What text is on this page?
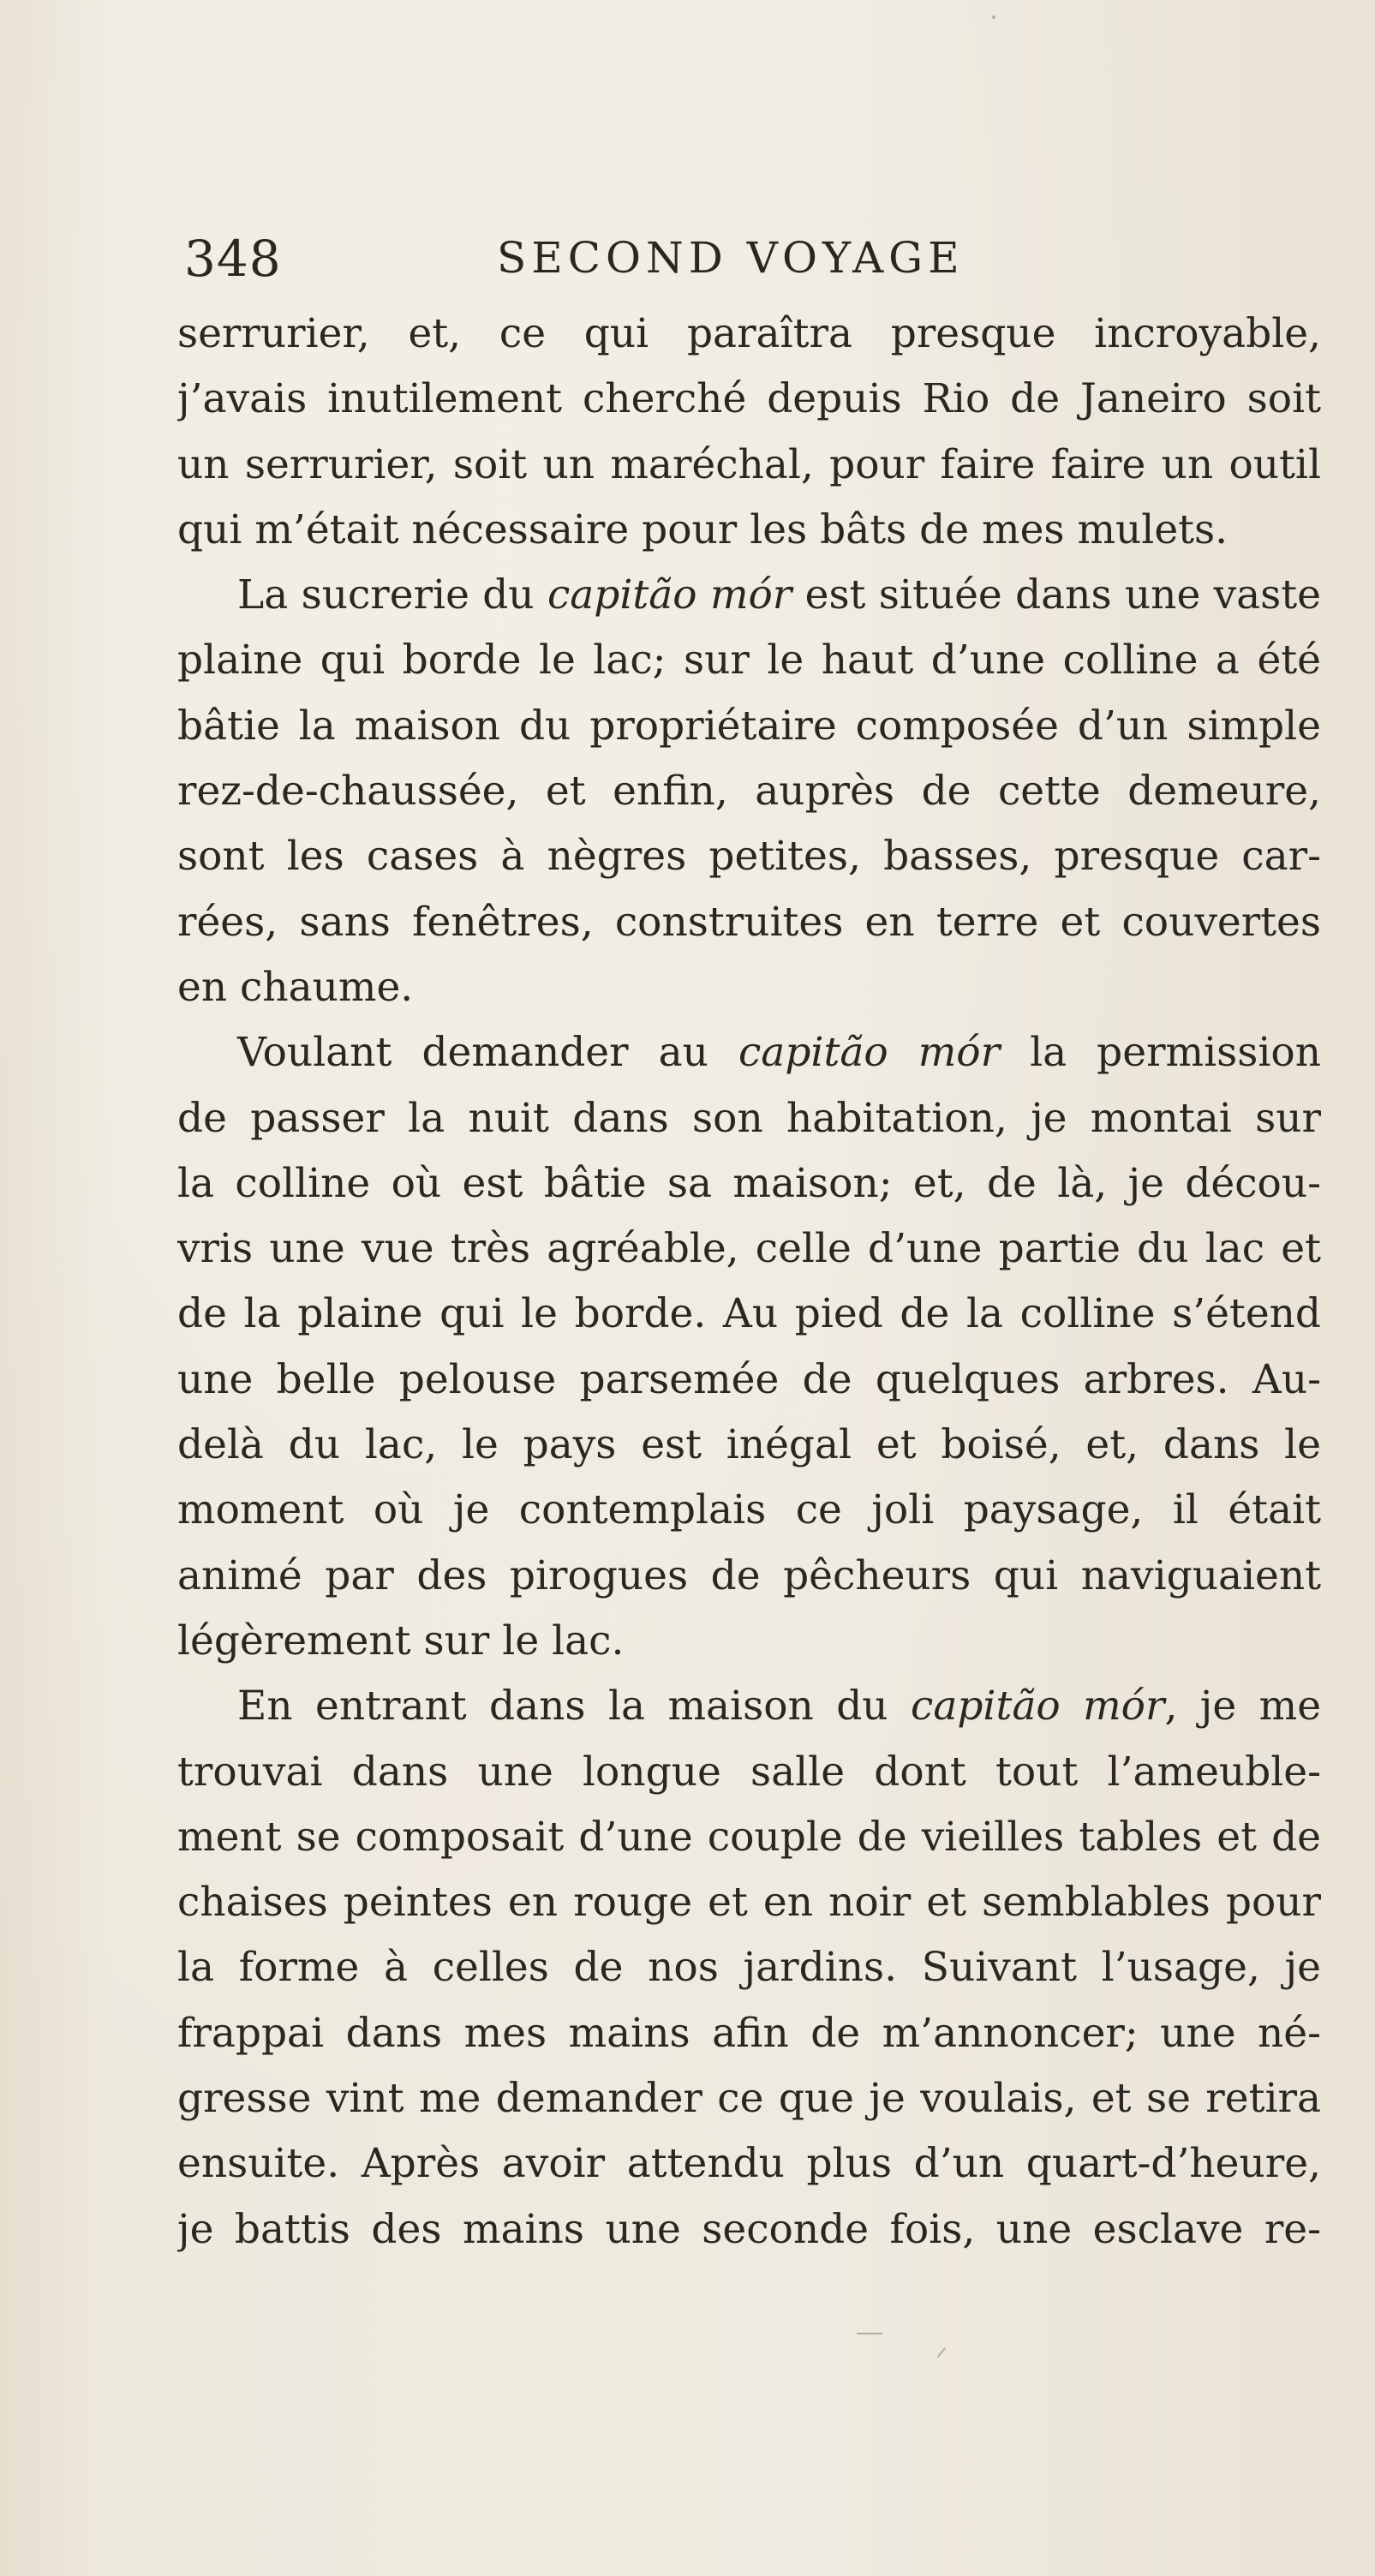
348	SECOND VOYAGE
serrurier, et, ce qui paraîtra presque incroyable,
j’avais inutilement cherché depuis Rio de Janeiro soit
un serrurier, soit un maréchal, pour faire faire un outil
qui m’était nécessaire pour les bâts de mes mulets.
La sucrerie du capitão mór est située dans une vaste
plaine qui borde le lac; sur le haut d’une colline a été
bâtie la maison du propriétaire composée d’un simple
rez-de-chaussée, et enfin, auprès de cette demeure,
sont les cases à nègres petites, basses, presque car-
rées, sans fenêtres, construites en terre et couvertes
en chaume.
Voulant demander au capitão mór la permission
de passer la nuit dans son habitation, je montai sur
la colline où est bâtie sa maison; et, de là, je décou-
vris une vue très agréable, celle d’une partie du lac et
de la plaine qui le borde. Au pied de la colline s’étend
une belle pelouse parsemée de quelques arbres. Au-
delà du lac, le pays est inégal et boisé, et, dans le
moment où je contemplais ce joli paysage, il était
animé par des pirogues de pêcheurs qui naviguaient
légèrement sur le lac.
En entrant dans la maison du capitão mór, je me
trouvai dans une longue salle dont tout l’ameuble-
ment se composait d’une couple de vieilles tables et de
chaises peintes en rouge et en noir et semblables pour
la forme à celles de nos jardins. Suivant l’usage, je
frappai dans mes mains afin de m’annoncer; une né-
gresse vint me demander ce que je voulais, et se retira
ensuite. Après avoir attendu plus d’un quart-d’heure,
je battis des mains une seconde fois, une esclave re-
